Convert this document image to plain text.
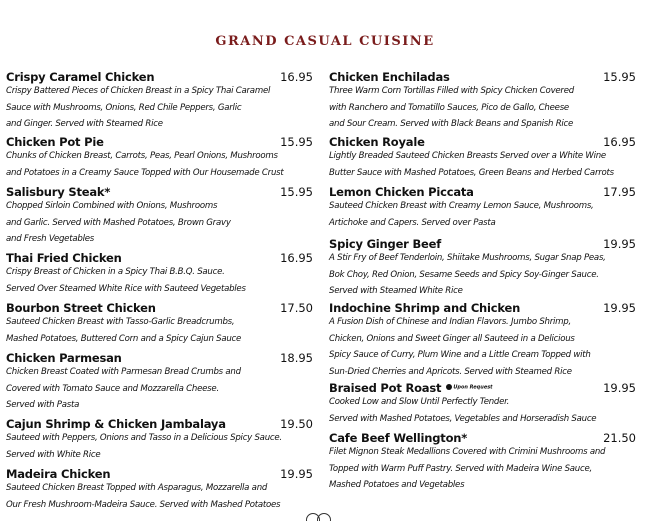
GRAND CASUAL CUISINE
Crispy Caramel Chicken	16.95
Crispy Battered Pieces of Chicken Breast in a Spicy Thai Caramel
Sauce with Mushrooms, Onions, Red Chile Peppers, Garlic
and Ginger. Served with Steamed Rice
Chicken Pot Pie	15.95
Chunks of Chicken Breast, Carrots, Peas, Pearl Onions, Mushrooms
and Potatoes in a Creamy Sauce Topped with Our Housemade Crust
Salisbury Steak*	15.95
Chopped Sirloin Combined with Onions, Mushrooms
and Garlic. Served with Mashed Potatoes, Brown Gravy
and Fresh Vegetables
Thai Fried Chicken	16.95
Crispy Breast of Chicken in a Spicy Thai B.B.Q. Sauce.
Served Over Steamed White Rice with Sauteed Vegetables
Bourbon Street Chicken	17.50
Sauteed Chicken Breast with Tasso-Garlic Breadcrumbs,
Mashed Potatoes, Buttered Corn and a Spicy Cajun Sauce
Chicken Parmesan	18.95
Chicken Breast Coated with Parmesan Bread Crumbs and
Covered with Tomato Sauce and Mozzarella Cheese.
Served with Pasta
Cajun Shrimp & Chicken Jambalaya	19.50
Sauteed with Peppers, Onions and Tasso in a Delicious Spicy Sauce.
Served with White Rice
Madeira Chicken	19.95
Sauteed Chicken Breast Topped with Asparagus, Mozzarella and
Our Fresh Mushroom-Madeira Sauce. Served with Mashed Potatoes
Chicken Enchiladas	15.95
Three Warm Corn Tortillas Filled with Spicy Chicken Covered
with Ranchero and Tomatillo Sauces, Pico de Gallo, Cheese
and Sour Cream. Served with Black Beans and Spanish Rice
Chicken Royale	16.95
Lightly Breaded Sauteed Chicken Breasts Served over a White Wine
Butter Sauce with Mashed Potatoes, Green Beans and Herbed Carrots
Lemon Chicken Piccata	17.95
Sauteed Chicken Breast with Creamy Lemon Sauce, Mushrooms,
Artichoke and Capers. Served over Pasta
Spicy Ginger Beef	19.95
A Stir Fry of Beef Tenderloin, Shiitake Mushrooms, Sugar Snap Peas,
Bok Choy, Red Onion, Sesame Seeds and Spicy Soy-Ginger Sauce.
Served with Steamed White Rice
Indochine Shrimp and Chicken	19.95
A Fusion Dish of Chinese and Indian Flavors. Jumbo Shrimp,
Chicken, Onions and Sweet Ginger all Sauteed in a Delicious
Spicy Sauce of Curry, Plum Wine and a Little Cream Topped with
Sun-Dried Cherries and Apricots. Served with Steamed Rice
Braised Pot Roast Upon Request	19.95
Cooked Low and Slow Until Perfectly Tender.
Served with Mashed Potatoes, Vegetables and Horseradish Sauce
Cafe Beef Wellington*	21.50
Filet Mignon Steak Medallions Covered with Crimini Mushrooms and
Topped with Warm Puff Pastry. Served with Madeira Wine Sauce,
Mashed Potatoes and Vegetables
